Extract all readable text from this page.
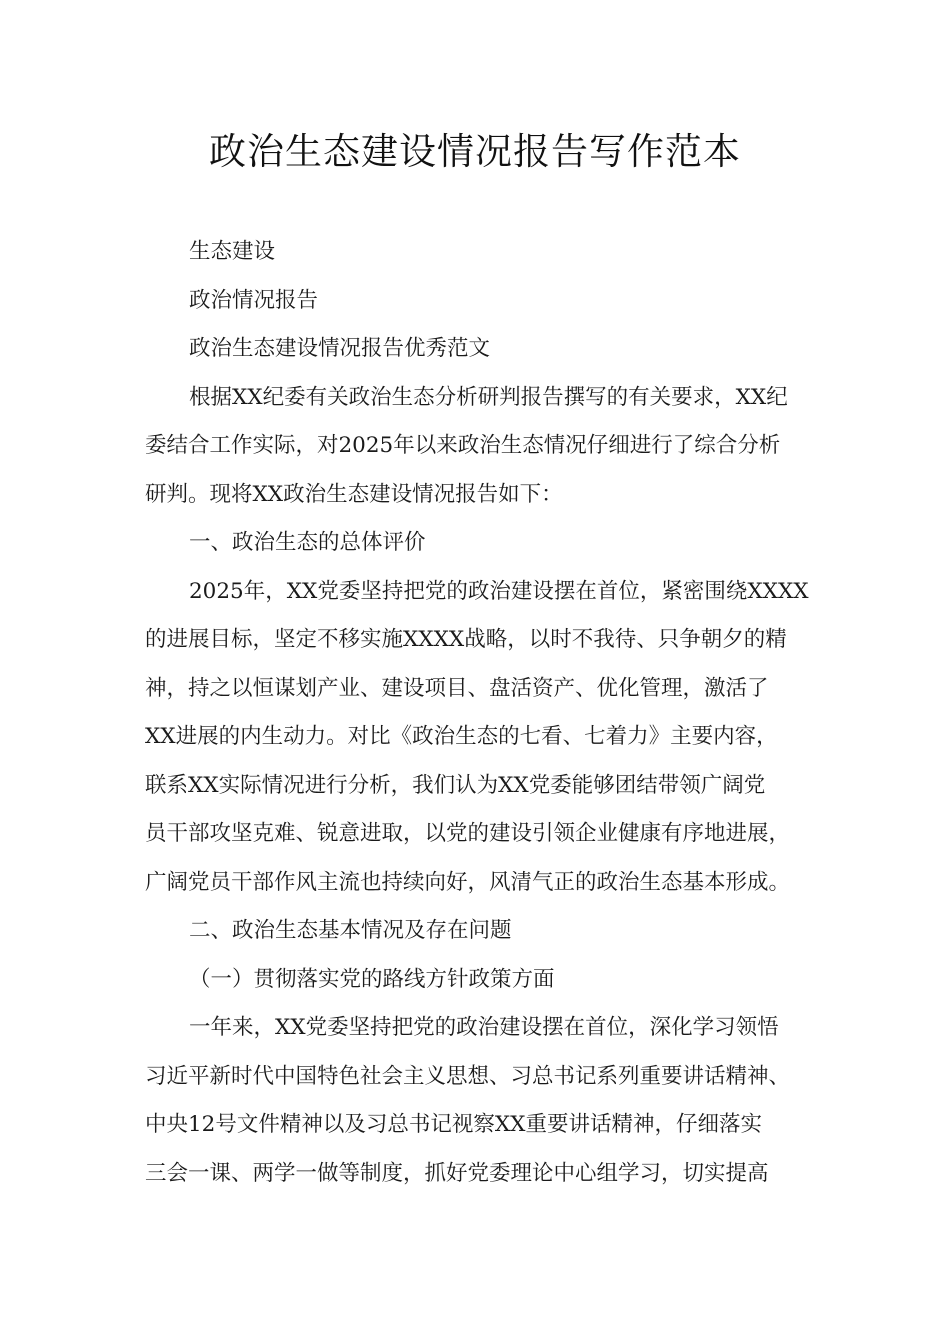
政治生态建设情况报告写作范本
生态建设
政治情况报告
政治生态建设情况报告优秀范文
根据XX纪委有关政治生态分析研判报告撰写的有关要求，XX纪
委结合工作实际，对2025年以来政治生态情况仔细进行了综合分析
研判。现将XX政治生态建设情况报告如下：
一、政治生态的总体评价
2025年，XX党委坚持把党的政治建设摆在首位，紧密围绕XXXX
的进展目标，坚定不移实施XXXX战略，以时不我待、只争朝夕的精
神，持之以恒谋划产业、建设项目、盘活资产、优化管理，激活了
XX进展的内生动力。对比《政治生态的七看、七着力》主要内容，
联系XX实际情况进行分析，我们认为XX党委能够团结带领广阔党
员干部攻坚克难、锐意进取，以党的建设引领企业健康有序地进展，
广阔党员干部作风主流也持续向好，风清气正的政治生态基本形成。
二、政治生态基本情况及存在问题
（一）贯彻落实党的路线方针政策方面
一年来，XX党委坚持把党的政治建设摆在首位，深化学习领悟
习近平新时代中国特色社会主义思想、习总书记系列重要讲话精神、
中央12号文件精神以及习总书记视察XX重要讲话精神，仔细落实
三会一课、两学一做等制度，抓好党委理论中心组学习，切实提高
